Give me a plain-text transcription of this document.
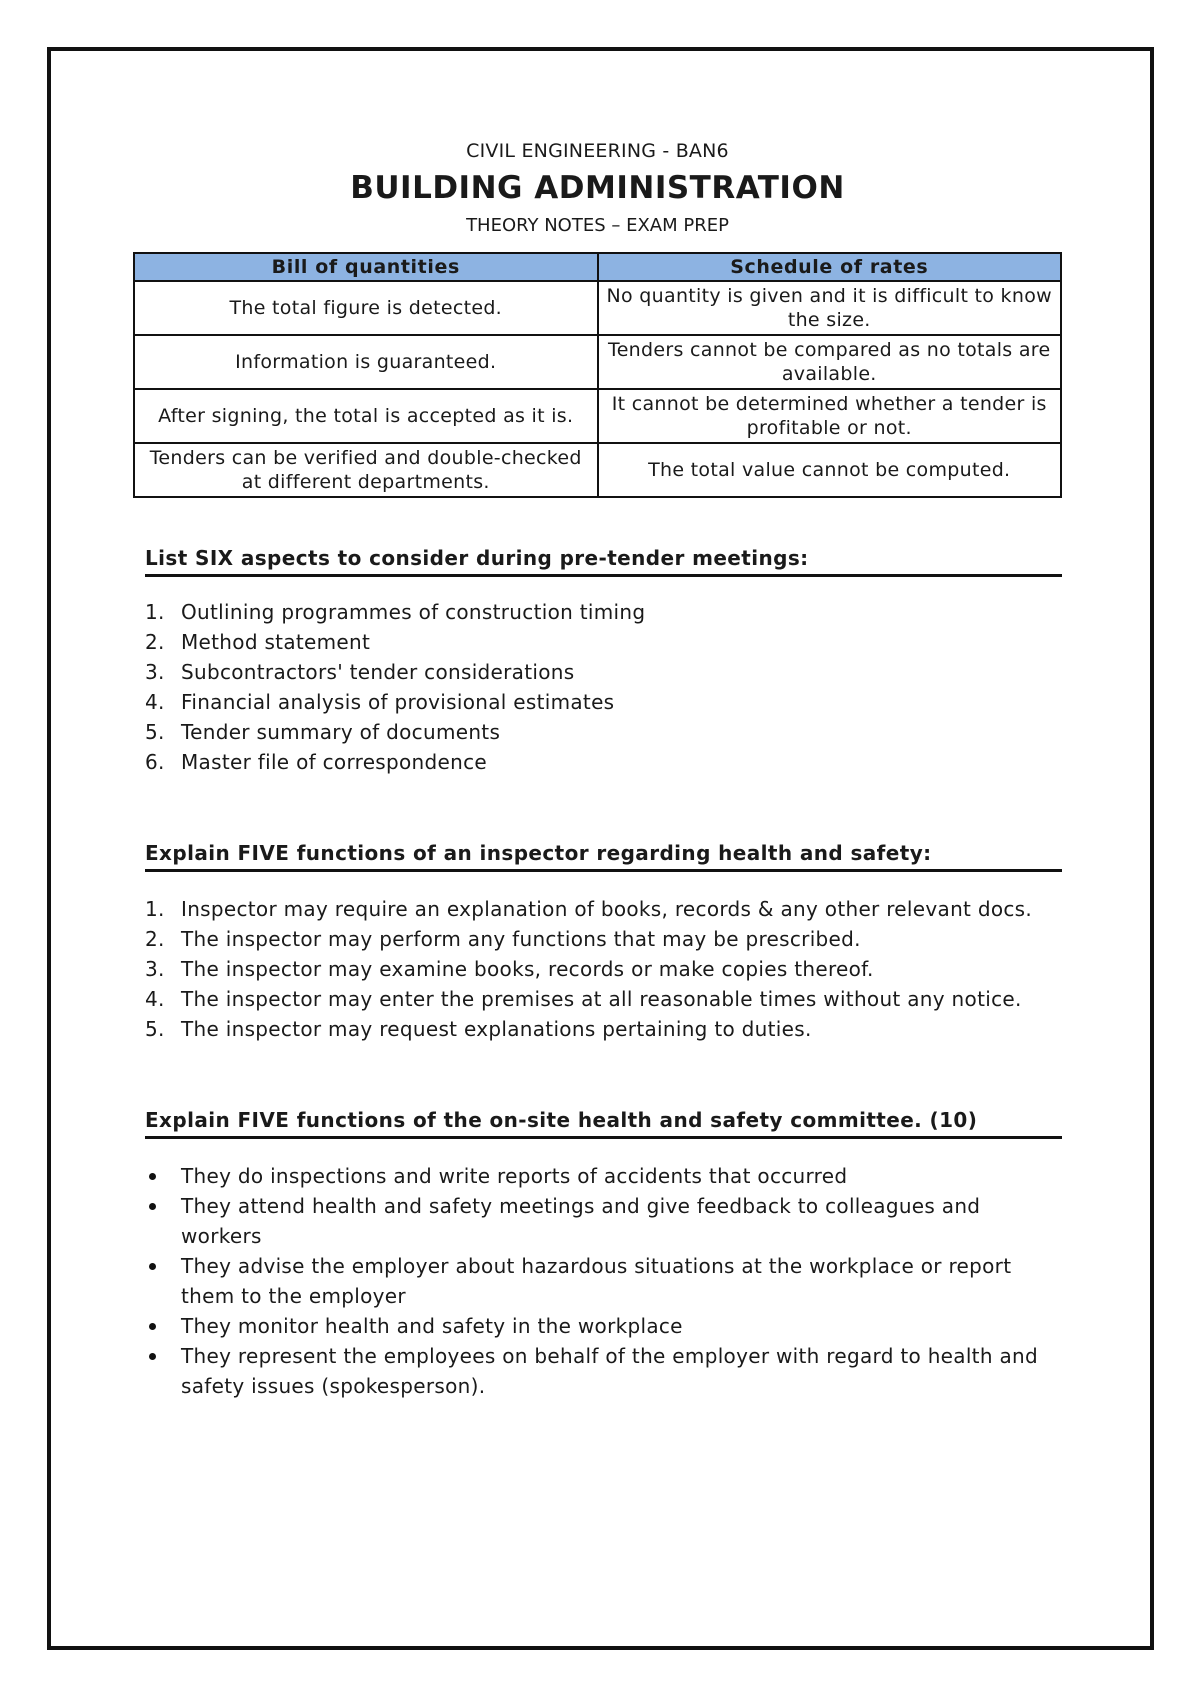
CIVIL ENGINEERING - BAN6
BUILDING ADMINISTRATION
THEORY NOTES – EXAM PREP
Bill of quantities	Schedule of rates
The total figure is detected.	No quantity is given and it is difficult to know the size.
Information is guaranteed.	Tenders cannot be compared as no totals are available.
After signing, the total is accepted as it is.	It cannot be determined whether a tender is profitable or not.
Tenders can be verified and double-checked at different departments.	The total value cannot be computed.
List SIX aspects to consider during pre-tender meetings:
1. Outlining programmes of construction timing
2. Method statement
3. Subcontractors' tender considerations
4. Financial analysis of provisional estimates
5. Tender summary of documents
6. Master file of correspondence
Explain FIVE functions of an inspector regarding health and safety:
1. Inspector may require an explanation of books, records & any other relevant docs.
2. The inspector may perform any functions that may be prescribed.
3. The inspector may examine books, records or make copies thereof.
4. The inspector may enter the premises at all reasonable times without any notice.
5. The inspector may request explanations pertaining to duties.
Explain FIVE functions of the on-site health and safety committee. (10)
They do inspections and write reports of accidents that occurred
They attend health and safety meetings and give feedback to colleagues and workers
They advise the employer about hazardous situations at the workplace or report them to the employer
They monitor health and safety in the workplace
They represent the employees on behalf of the employer with regard to health and safety issues (spokesperson).
